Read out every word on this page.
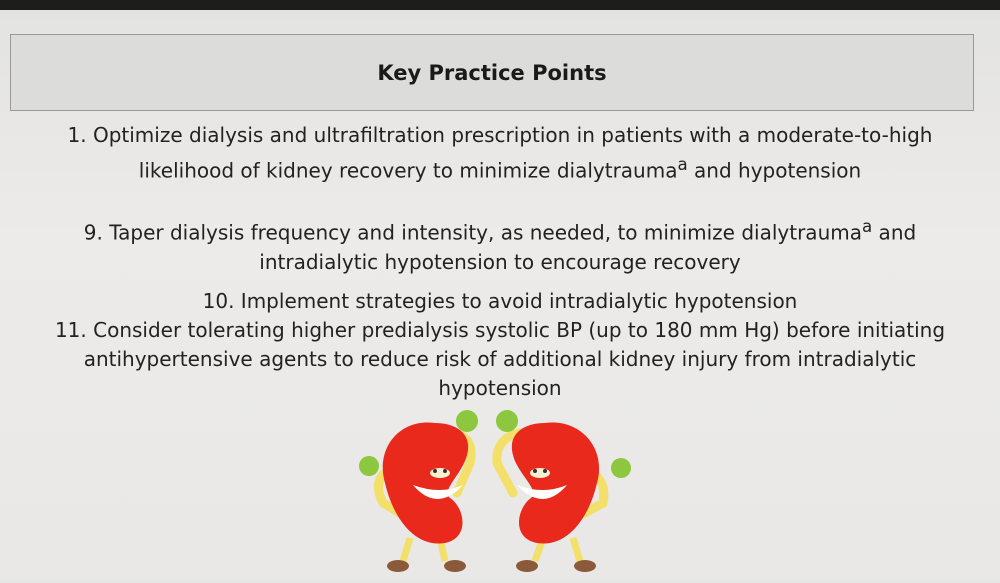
Key Practice Points
1. Optimize dialysis and ultrafiltration prescription in patients with a moderate-to-high likelihood of kidney recovery to minimize dialytrauma$^a$ and hypotension
9. Taper dialysis frequency and intensity, as needed, to minimize dialytrauma$^a$ and intradialytic hypotension to encourage recovery
10. Implement strategies to avoid intradialytic hypotension
11. Consider tolerating higher predialysis systolic BP (up to 180 mm Hg) before initiating antihypertensive agents to reduce risk of additional kidney injury from intradialytic hypotension
